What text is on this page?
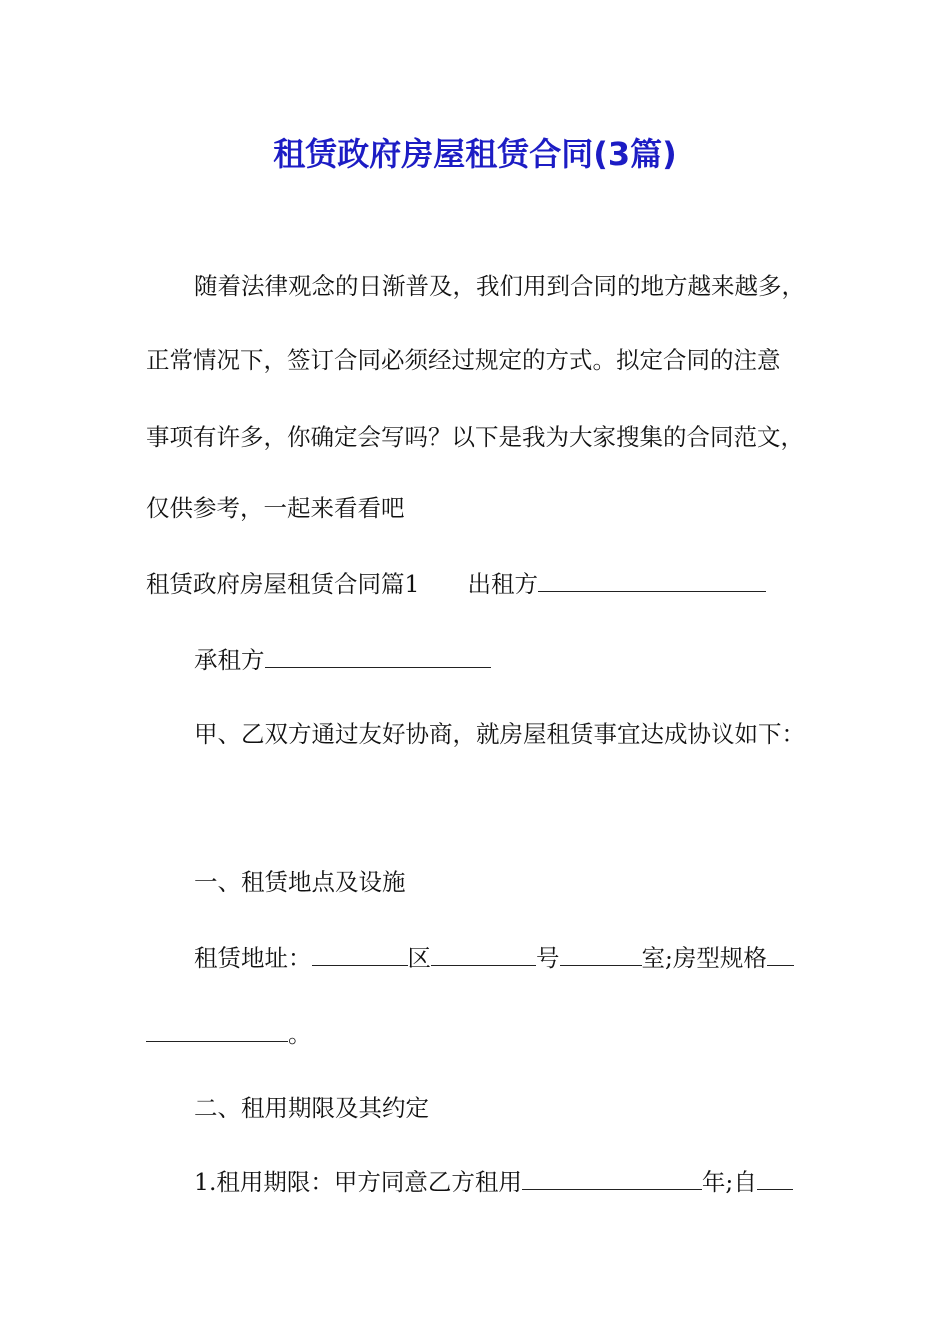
租赁政府房屋租赁合同(3篇)
随着法律观念的日渐普及，我们用到合同的地方越来越多，
正常情况下，签订合同必须经过规定的方式。拟定合同的注意
事项有许多，你确定会写吗？以下是我为大家搜集的合同范文，
仅供参考，一起来看看吧
租赁政府房屋租赁合同篇1 出租方
承租方
甲、乙双方通过友好协商，就房屋租赁事宜达成协议如下：
一、租赁地点及设施
租赁地址：	区	号	室;房型规格
。
二、租用期限及其约定
1.租用期限：甲方同意乙方租用	年;自
